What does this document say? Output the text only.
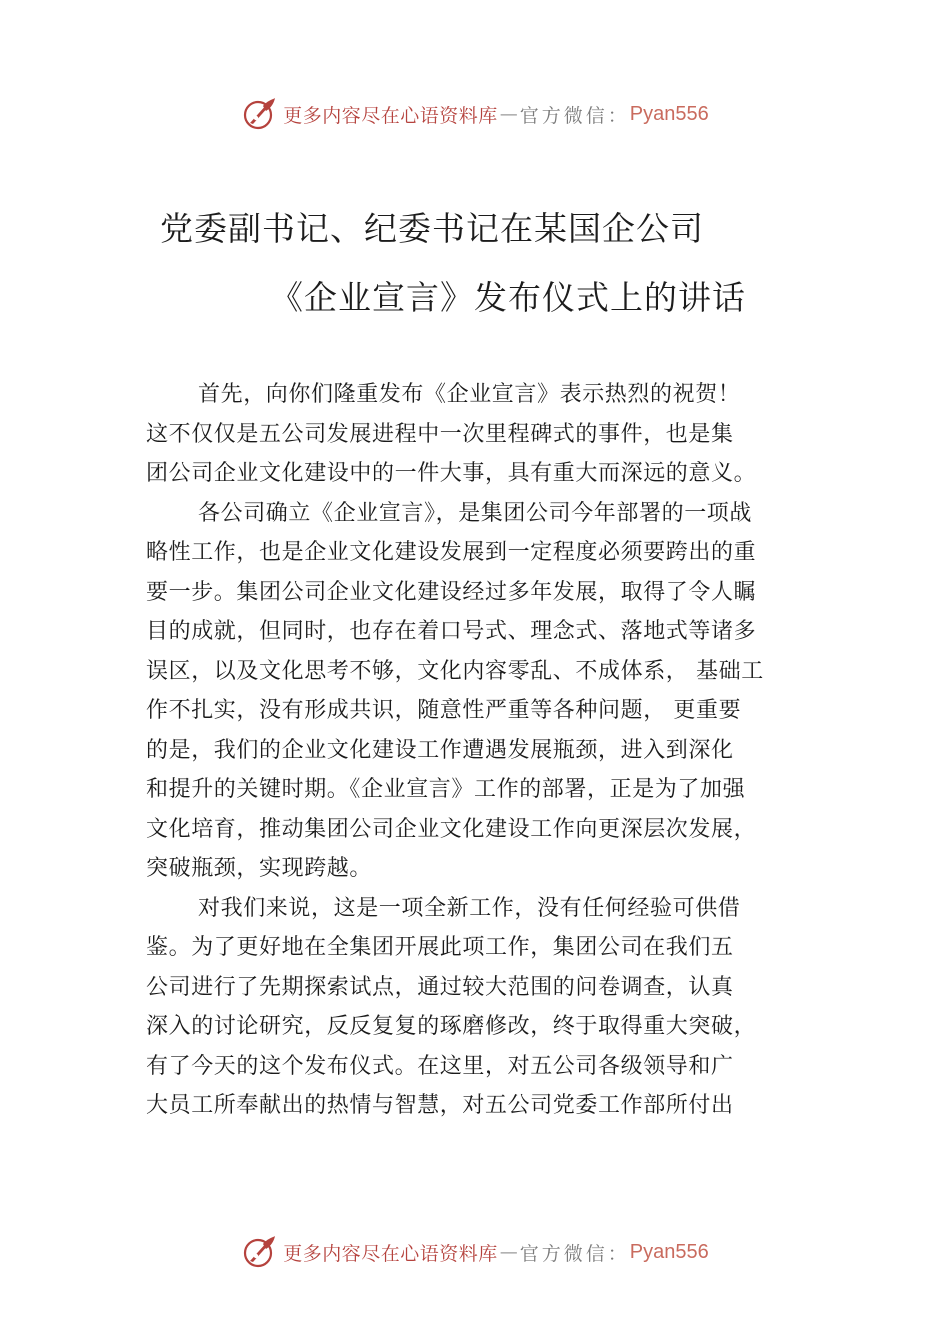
更多内容尽在心语资料库 — 官方微信： Pyan556
党委副书记、纪委书记在某国企公司
《企业宣言》发布仪式上的讲话
首先，向你们隆重发布《企业宣言》表示热烈的祝贺！
这不仅仅是五公司发展进程中一次里程碑式的事件，也是集
团公司企业文化建设中的一件大事，具有重大而深远的意义。
各公司确立《企业宣言》，是集团公司今年部署的一项战
略性工作，也是企业文化建设发展到一定程度必须要跨出的重
要一步。集团公司企业文化建设经过多年发展，取得了令人瞩
目的成就，但同时，也存在着口号式、理念式、落地式等诸多
误区，以及文化思考不够，文化内容零乱、不成体系， 基础工
作不扎实，没有形成共识，随意性严重等各种问题， 更重要
的是，我们的企业文化建设工作遭遇发展瓶颈，进入到深化
和提升的关键时期。《企业宣言》工作的部署，正是为了加强
文化培育，推动集团公司企业文化建设工作向更深层次发展，
突破瓶颈，实现跨越。
对我们来说，这是一项全新工作，没有任何经验可供借
鉴。为了更好地在全集团开展此项工作，集团公司在我们五
公司进行了先期探索试点，通过较大范围的问卷调查，认真
深入的讨论研究，反反复复的琢磨修改，终于取得重大突破，
有了今天的这个发布仪式。在这里，对五公司各级领导和广
大员工所奉献出的热情与智慧，对五公司党委工作部所付出
更多内容尽在心语资料库 — 官方微信： Pyan556
